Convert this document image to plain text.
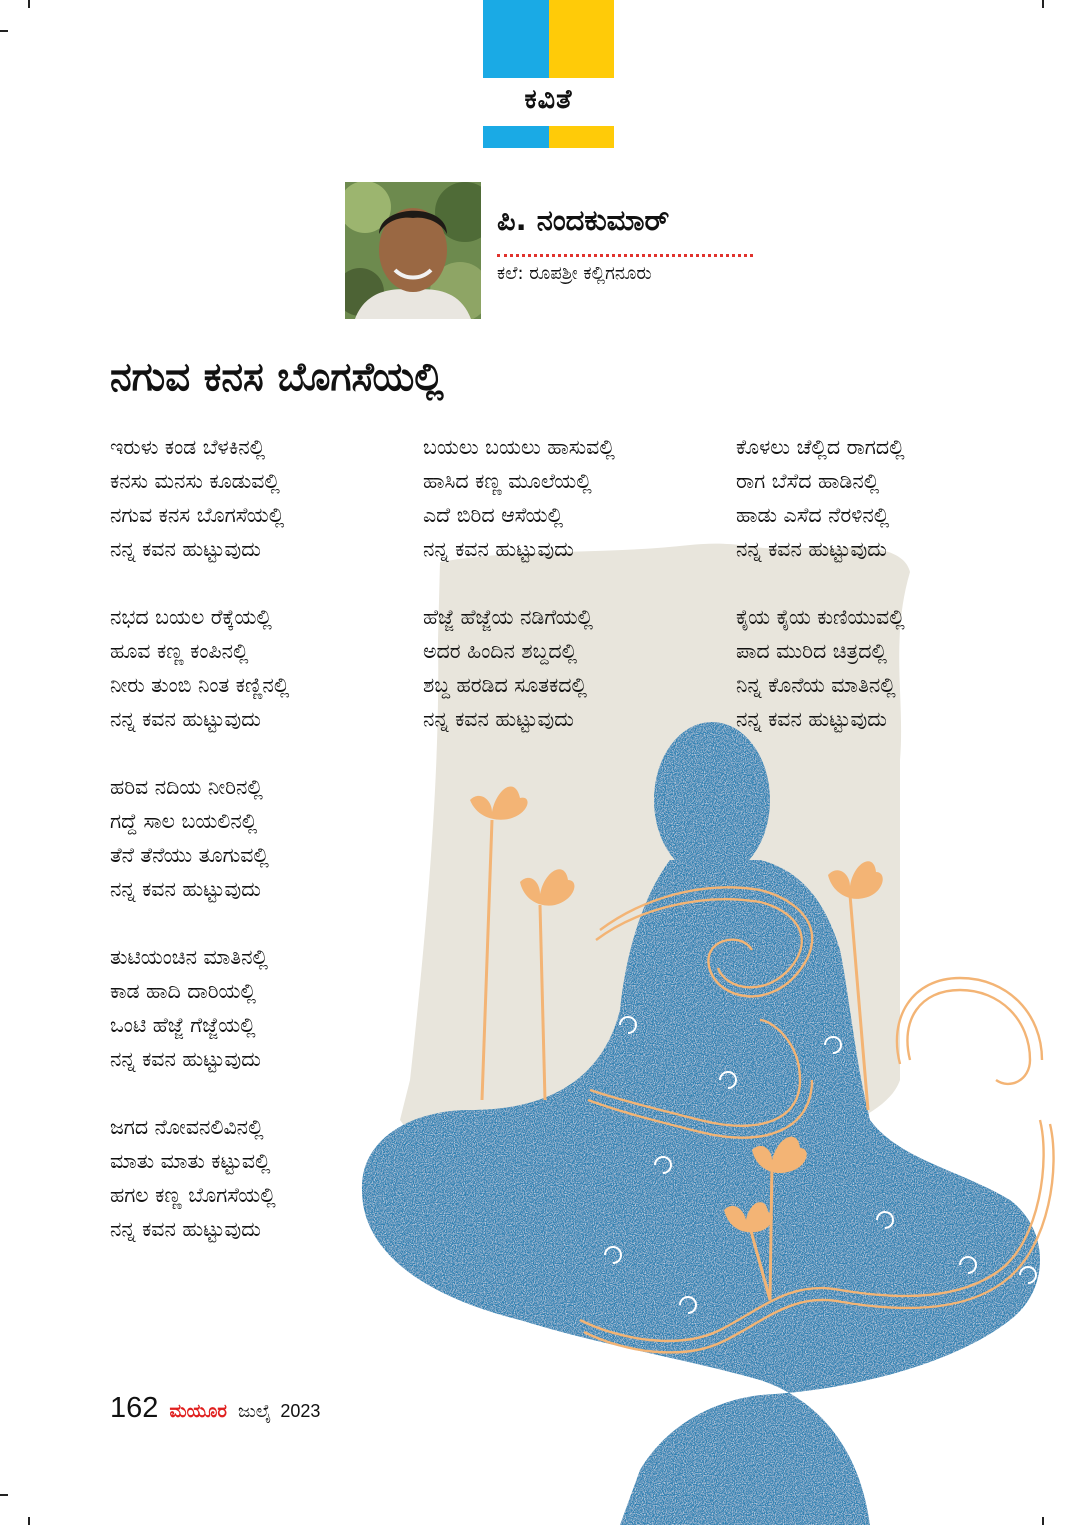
ಕವಿತೆ
ಪಿ. ನಂದಕುಮಾರ್
ಕಲೆ: ರೂಪಶ್ರೀ ಕಲ್ಲಿಗನೂರು
ನಗುವ ಕನಸ ಬೊಗಸೆಯಲ್ಲಿ
ಇರುಳು ಕಂಡ ಬೆಳಕಿನಲ್ಲಿ
ಕನಸು ಮನಸು ಕೂಡುವಲ್ಲಿ
ನಗುವ ಕನಸ ಬೊಗಸೆಯಲ್ಲಿ
ನನ್ನ ಕವನ ಹುಟ್ಟುವುದು
ನಭದ ಬಯಲ ರೆಕ್ಕೆಯಲ್ಲಿ
ಹೂವ ಕಣ್ಣ ಕಂಪಿನಲ್ಲಿ
ನೀರು ತುಂಬಿ ನಿಂತ ಕಣ್ಣಿನಲ್ಲಿ
ನನ್ನ ಕವನ ಹುಟ್ಟುವುದು
ಹರಿವ ನದಿಯ ನೀರಿನಲ್ಲಿ
ಗದ್ದೆ ಸಾಲ ಬಯಲಿನಲ್ಲಿ
ತೆನೆ ತೆನೆಯು ತೂಗುವಲ್ಲಿ
ನನ್ನ ಕವನ ಹುಟ್ಟುವುದು
ತುಟಿಯಂಚಿನ ಮಾತಿನಲ್ಲಿ
ಕಾಡ ಹಾದಿ ದಾರಿಯಲ್ಲಿ
ಒಂಟಿ ಹೆಜ್ಜೆ ಗೆಜ್ಜೆಯಲ್ಲಿ
ನನ್ನ ಕವನ ಹುಟ್ಟುವುದು
ಜಗದ ನೋವನಲಿವಿನಲ್ಲಿ
ಮಾತು ಮಾತು ಕಟ್ಟುವಲ್ಲಿ
ಹಗಲ ಕಣ್ಣ ಬೊಗಸೆಯಲ್ಲಿ
ನನ್ನ ಕವನ ಹುಟ್ಟುವುದು
ಬಯಲು ಬಯಲು ಹಾಸುವಲ್ಲಿ
ಹಾಸಿದ ಕಣ್ಣ ಮೂಲೆಯಲ್ಲಿ
ಎದೆ ಬಿರಿದ ಆಸೆಯಲ್ಲಿ
ನನ್ನ ಕವನ ಹುಟ್ಟುವುದು
ಹೆಜ್ಜೆ ಹೆಜ್ಜೆಯ ನಡಿಗೆಯಲ್ಲಿ
ಅದರ ಹಿಂದಿನ ಶಬ್ದದಲ್ಲಿ
ಶಬ್ದ ಹರಡಿದ ಸೂತಕದಲ್ಲಿ
ನನ್ನ ಕವನ ಹುಟ್ಟುವುದು
ಕೊಳಲು ಚೆಲ್ಲಿದ ರಾಗದಲ್ಲಿ
ರಾಗ ಬೆಸೆದ ಹಾಡಿನಲ್ಲಿ
ಹಾಡು ಎಸೆದ ನೆರಳಿನಲ್ಲಿ
ನನ್ನ ಕವನ ಹುಟ್ಟುವುದು
ಕೈಯ ಕೈಯ ಕುಣಿಯುವಲ್ಲಿ
ಪಾದ ಮುರಿದ ಚಿತ್ರದಲ್ಲಿ
ನಿನ್ನ ಕೊನೆಯ ಮಾತಿನಲ್ಲಿ
ನನ್ನ ಕವನ ಹುಟ್ಟುವುದು
162 ಮಯೂರ ಜುಲೈ 2023
